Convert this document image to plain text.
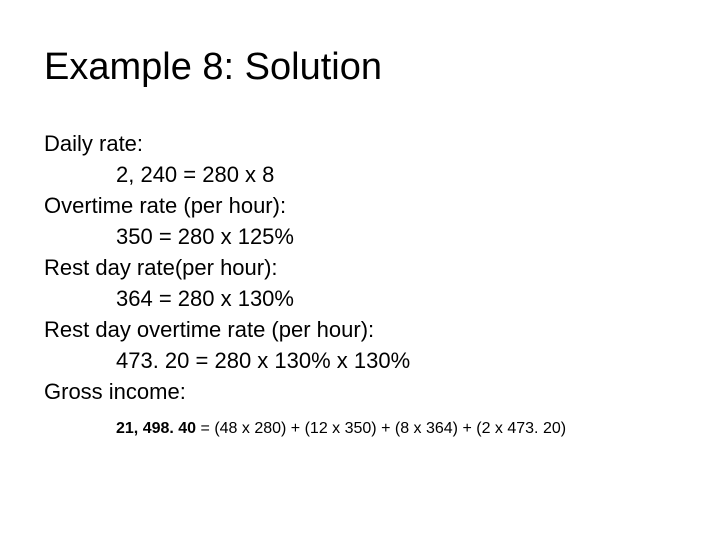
Example 8: Solution
Daily rate:
2, 240 = 280 x 8
Overtime rate (per hour):
350 = 280 x 125%
Rest day rate(per hour):
364 = 280 x 130%
Rest day overtime rate (per hour):
473. 20 = 280 x 130% x 130%
Gross income:
21, 498. 40 = (48 x 280) + (12 x 350) + (8 x 364) + (2 x 473. 20)
